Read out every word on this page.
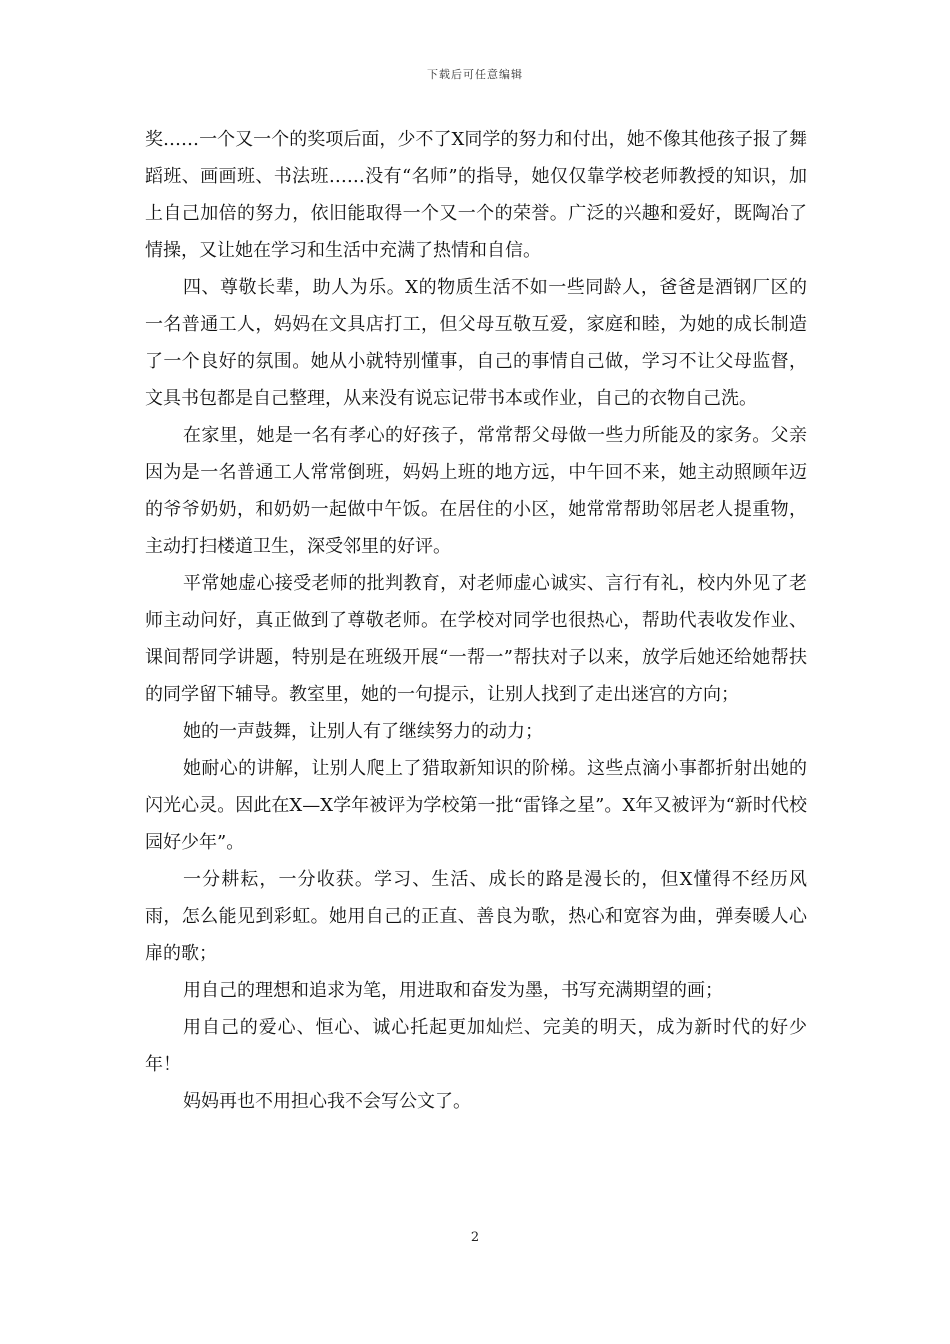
下载后可任意编辑

奖……一个又一个的奖项后面，少不了X同学的努力和付出，她不像其他孩子报了舞蹈班、画画班、书法班……没有“名师”的指导，她仅仅靠学校老师教授的知识，加上自己加倍的努力，依旧能取得一个又一个的荣誉。广泛的兴趣和爱好，既陶冶了情操，又让她在学习和生活中充满了热情和自信。

四、尊敬长辈，助人为乐。X的物质生活不如一些同龄人，爸爸是酒钢厂区的一名普通工人，妈妈在文具店打工，但父母互敬互爱，家庭和睦，为她的成长制造了一个良好的氛围。她从小就特别懂事，自己的事情自己做，学习不让父母监督，文具书包都是自己整理，从来没有说忘记带书本或作业，自己的衣物自己洗。

在家里，她是一名有孝心的好孩子，常常帮父母做一些力所能及的家务。父亲因为是一名普通工人常常倒班，妈妈上班的地方远，中午回不来，她主动照顾年迈的爷爷奶奶，和奶奶一起做中午饭。在居住的小区，她常常帮助邻居老人提重物，主动打扫楼道卫生，深受邻里的好评。

平常她虚心接受老师的批判教育，对老师虚心诚实、言行有礼，校内外见了老师主动问好，真正做到了尊敬老师。在学校对同学也很热心，帮助代表收发作业、课间帮同学讲题，特别是在班级开展“一帮一”帮扶对子以来，放学后她还给她帮扶的同学留下辅导。教室里，她的一句提示，让别人找到了走出迷宫的方向；

她的一声鼓舞，让别人有了继续努力的动力；

她耐心的讲解，让别人爬上了猎取新知识的阶梯。这些点滴小事都折射出她的闪光心灵。因此在X—X学年被评为学校第一批“雷锋之星”。X年又被评为“新时代校园好少年”。

一分耕耘，一分收获。学习、生活、成长的路是漫长的，但X懂得不经历风雨，怎么能见到彩虹。她用自己的正直、善良为歌，热心和宽容为曲，弹奏暖人心扉的歌；

用自己的理想和追求为笔，用进取和奋发为墨，书写充满期望的画；

用自己的爱心、恒心、诚心托起更加灿烂、完美的明天，成为新时代的好少年！

妈妈再也不用担心我不会写公文了。

2
